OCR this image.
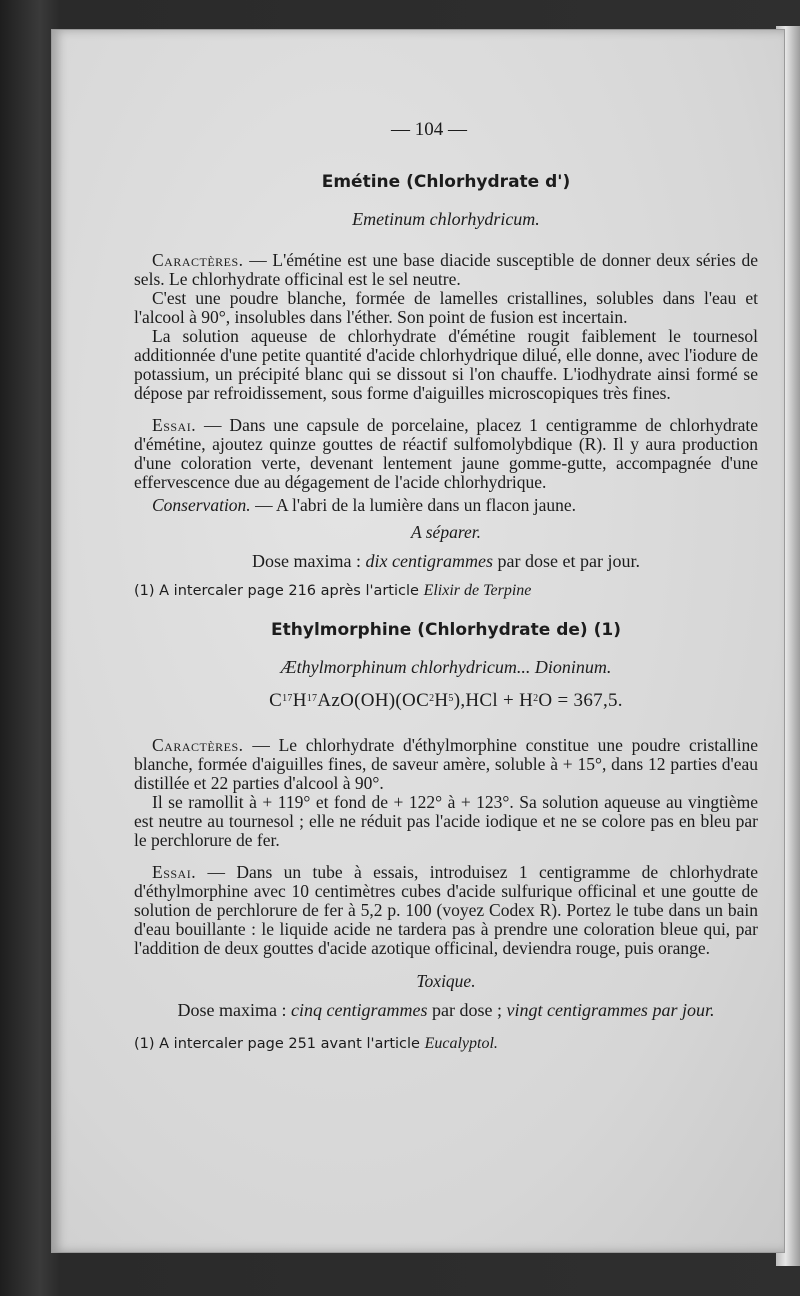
— 104 —
Emétine (Chlorhydrate d')
Emetinum chlorhydricum.

Caractères. — L'émétine est une base diacide susceptible de donner deux séries de sels. Le chlorhydrate officinal est le sel neutre.

C'est une poudre blanche, formée de lamelles cristallines, solubles dans l'eau et l'alcool à 90°, insolubles dans l'éther. Son point de fusion est incertain.

La solution aqueuse de chlorhydrate d'émétine rougit faiblement le tournesol additionnée d'une petite quantité d'acide chlorhydrique dilué, elle donne, avec l'iodure de potassium, un précipité blanc qui se dissout si l'on chauffe. L'iodhydrate ainsi formé se dépose par refroidissement, sous forme d'aiguilles microscopiques très fines.

Essai. — Dans une capsule de porcelaine, placez 1 centigramme de chlorhydrate d'émétine, ajoutez quinze gouttes de réactif sulfomolybdique (R). Il y aura production d'une coloration verte, devenant lentement jaune gomme-gutte, accompagnée d'une effervescence due au dégagement de l'acide chlorhydrique.

Conservation. — A l'abri de la lumière dans un flacon jaune.

A séparer.

Dose maxima : dix centigrammes par dose et par jour.

(1) A intercaler page 216 après l'article Elixir de Terpine

Ethylmorphine (Chlorhydrate de) (1)
Æthylmorphinum chlorhydricum... Dioninum.
$C^{17}H^{17}AzO(OH)(OC^2H^5),HCl + H^2O = 367,5$.

Caractères. — Le chlorhydrate d'éthylmorphine constitue une poudre cristalline blanche, formée d'aiguilles fines, de saveur amère, soluble à + 15°, dans 12 parties d'eau distillée et 22 parties d'alcool à 90°.

Il se ramollit à + 119° et fond de + 122° à + 123°. Sa solution aqueuse au vingtième est neutre au tournesol ; elle ne réduit pas l'acide iodique et ne se colore pas en bleu par le perchlorure de fer.

Essai. — Dans un tube à essais, introduisez 1 centigramme de chlorhydrate d'éthylmorphine avec 10 centimètres cubes d'acide sulfurique officinal et une goutte de solution de perchlorure de fer à 5,2 p. 100 (voyez Codex R). Portez le tube dans un bain d'eau bouillante : le liquide acide ne tardera pas à prendre une coloration bleue qui, par l'addition de deux gouttes d'acide azotique officinal, deviendra rouge, puis orange.

Toxique.

Dose maxima : cinq centigrammes par dose ; vingt centigrammes par jour.

(1) A intercaler page 251 avant l'article Eucalyptol.
